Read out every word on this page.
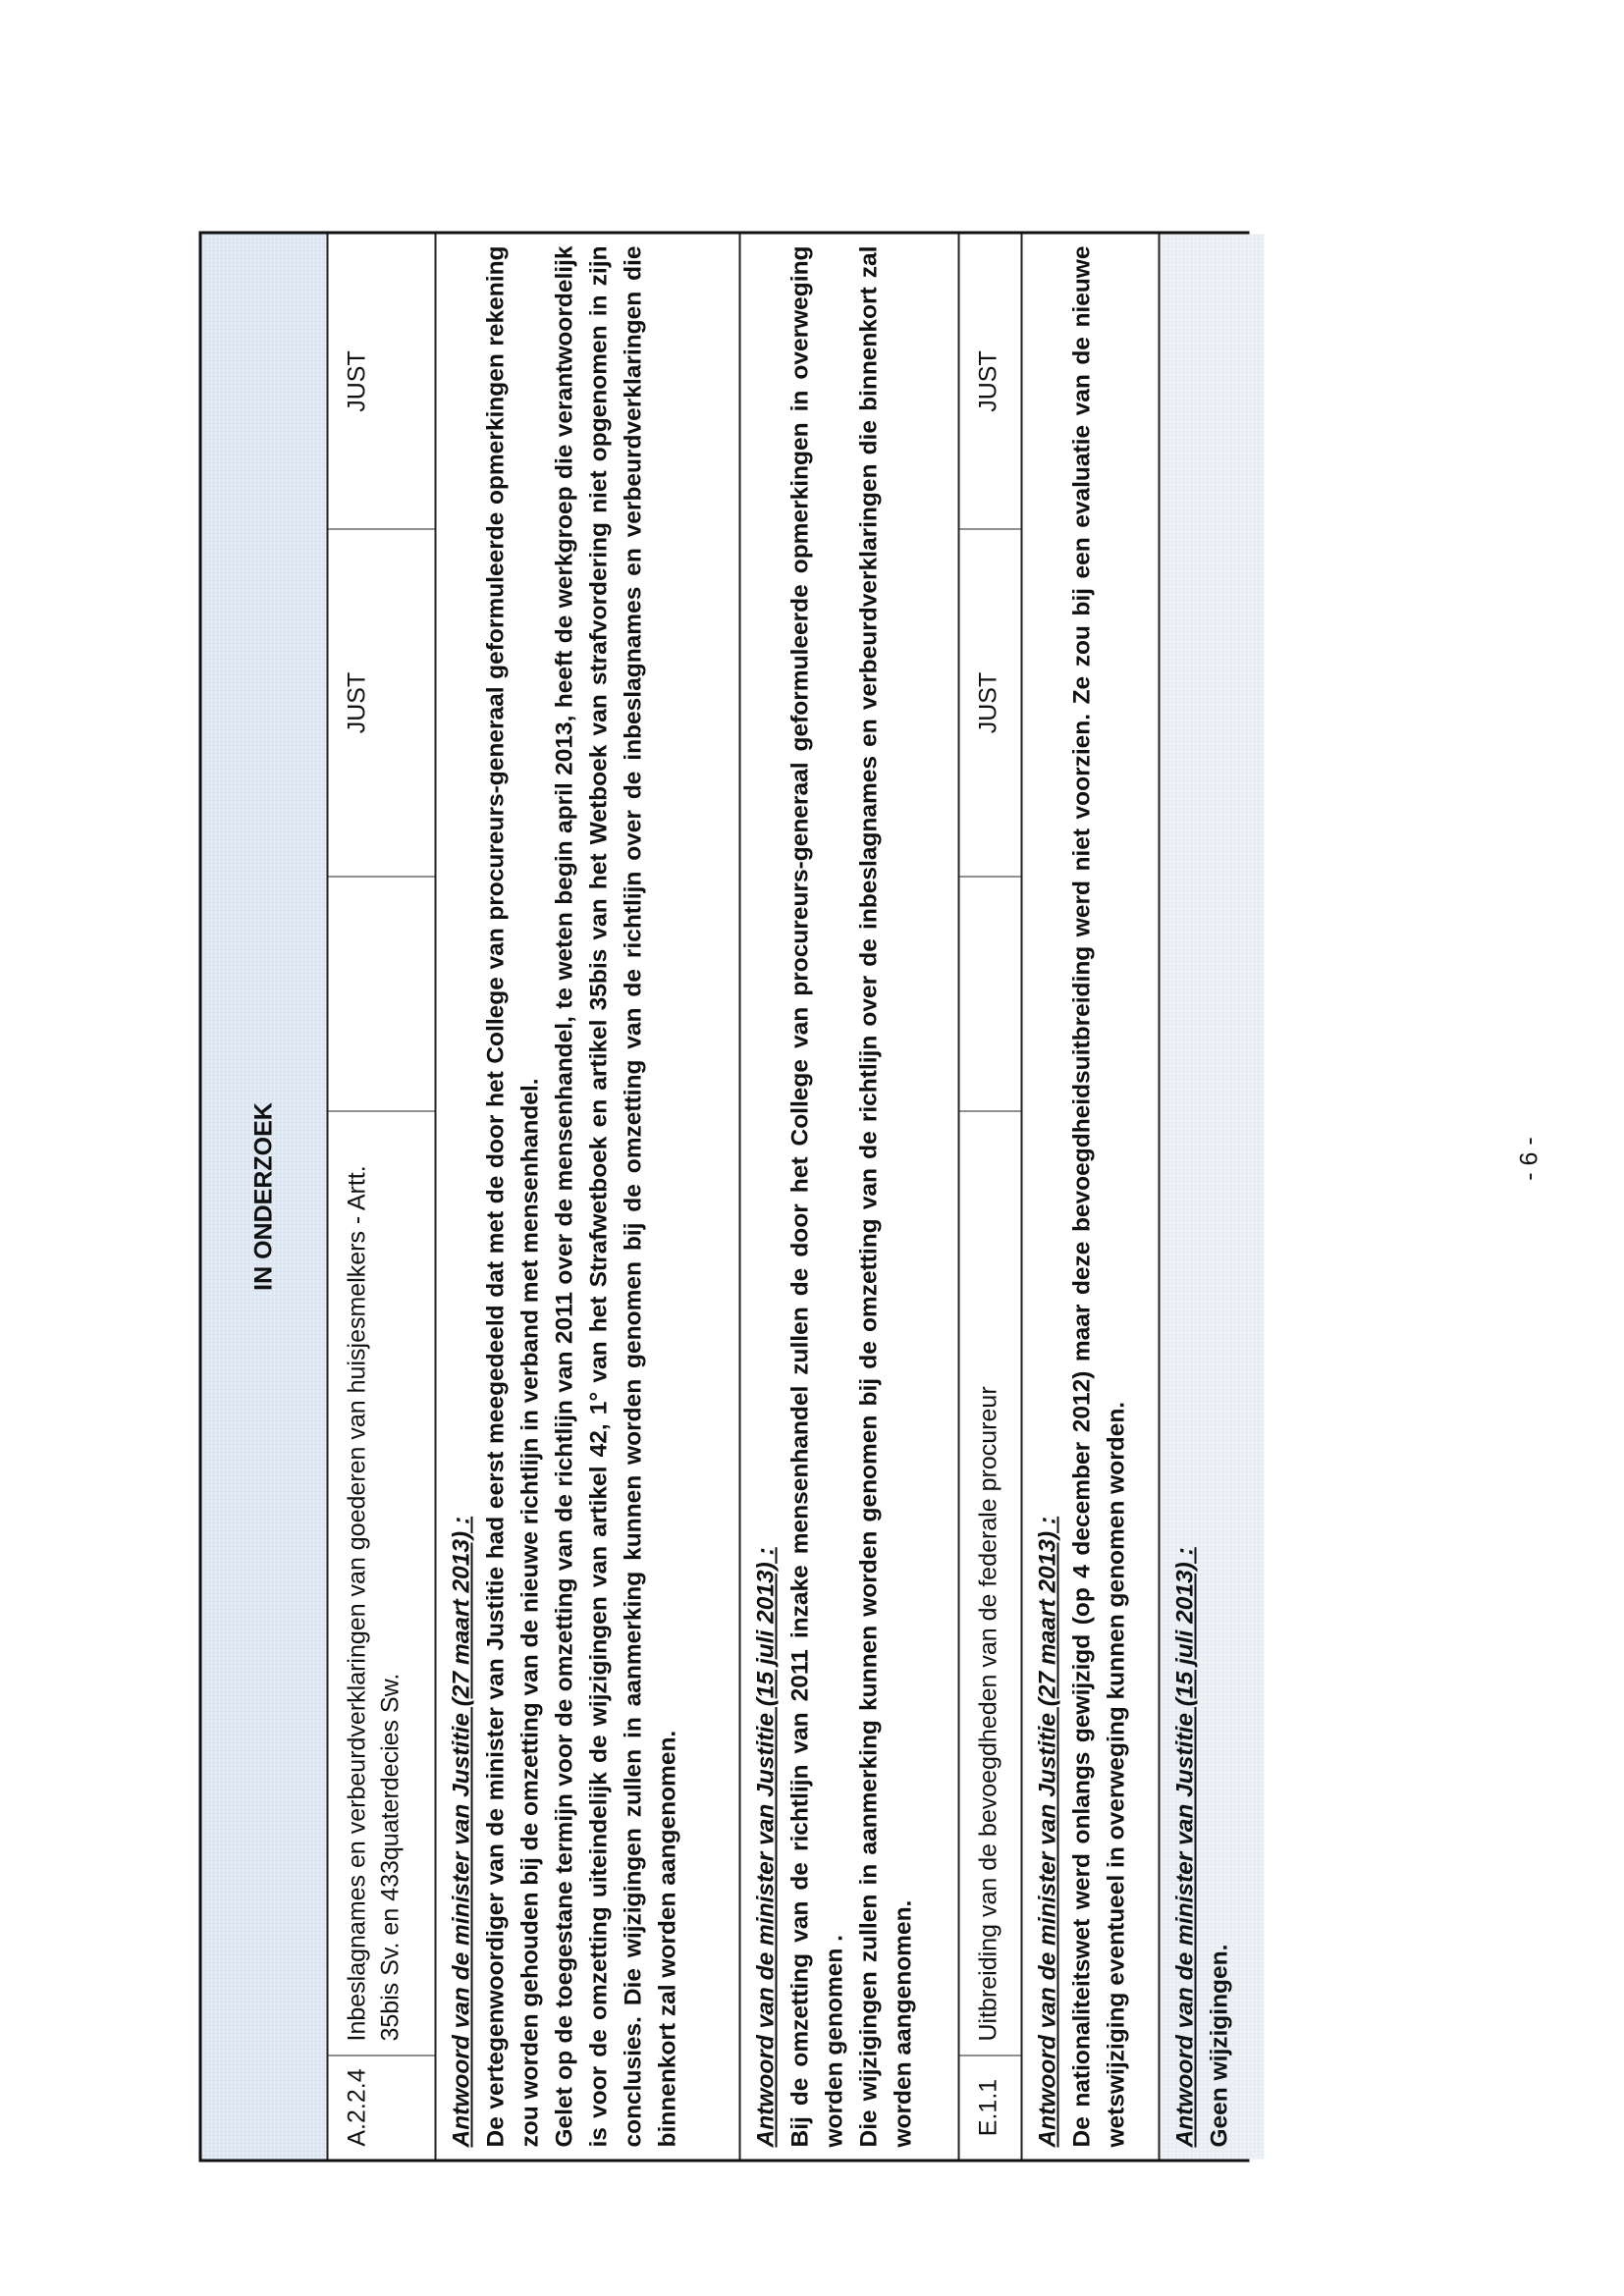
IN ONDERZOEK
A.2.2.4
Inbeslagnames en verbeurdverklaringen van goederen van huisjesmelkers - Artt. 35bis Sv. en 433quaterdecies Sw.
JUST
JUST

Antwoord van de minister van Justitie (27 maart 2013) : De vertegenwoordiger van de minister van Justitie had eerst meegedeeld dat met de door het College van procureurs-generaal geformuleerde opmerkingen rekening zou worden gehouden bij de omzetting van de nieuwe richtlijn in verband met mensenhandel. Gelet op de toegestane termijn voor de omzetting van de richtlijn van 2011 over de mensenhandel, te weten begin april 2013, heeft de werkgroep die verantwoordelijk is voor de omzetting uiteindelijk de wijzigingen van artikel 42, 1° van het Strafwetboek en artikel 35bis van het Wetboek van strafvordering niet opgenomen in zijn conclusies. Die wijzigingen zullen in aanmerking kunnen worden genomen bij de omzetting van de richtlijn over de inbeslagnames en verbeurdverklaringen die binnenkort zal worden aangenomen.	Antwoord van de minister van Justitie (15 juli 2013) : Bij de omzetting van de richtlijn van 2011 inzake mensenhandel zullen de door het College van procureurs-generaal geformuleerde opmerkingen in overweging worden genomen . Die wijzigingen zullen in aanmerking kunnen worden genomen bij de omzetting van de richtlijn over de inbeslagnames en verbeurdverklaringen die binnenkort zal worden aangenomen.	E.1.1
Uitbreiding van de bevoegdheden van de federale procureur
JUST
JUST

Antwoord van de minister van Justitie (27 maart 2013) : De nationaliteitswet werd onlangs gewijzigd (op 4 december 2012) maar deze bevoegdheidsuitbreiding werd niet voorzien. Ze zou bij een evaluatie van de nieuwe wetswijziging eventueel in overweging kunnen genomen worden. Antwoord van de minister van Justitie (15 juli 2013) : Geen wijzigingen.

- 6 -
